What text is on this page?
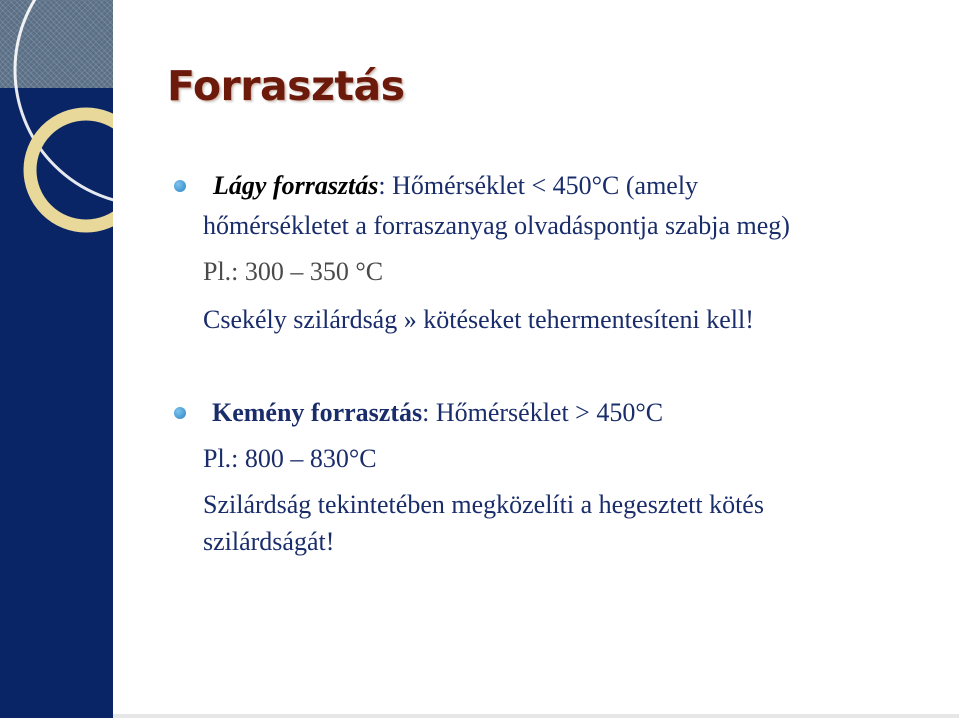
Forrasztás

Lágy forrasztás: Hőmérséklet < 450°C (amely

hőmérsékletet a forraszanyag olvadáspontja szabja meg)

Pl.: 300 – 350 °C

Csekély szilárdság » kötéseket tehermentesíteni kell!

Kemény forrasztás: Hőmérséklet > 450°C

Pl.: 800 – 830°C

Szilárdság tekintetében megközelíti a hegesztett kötés

szilárdságát!
